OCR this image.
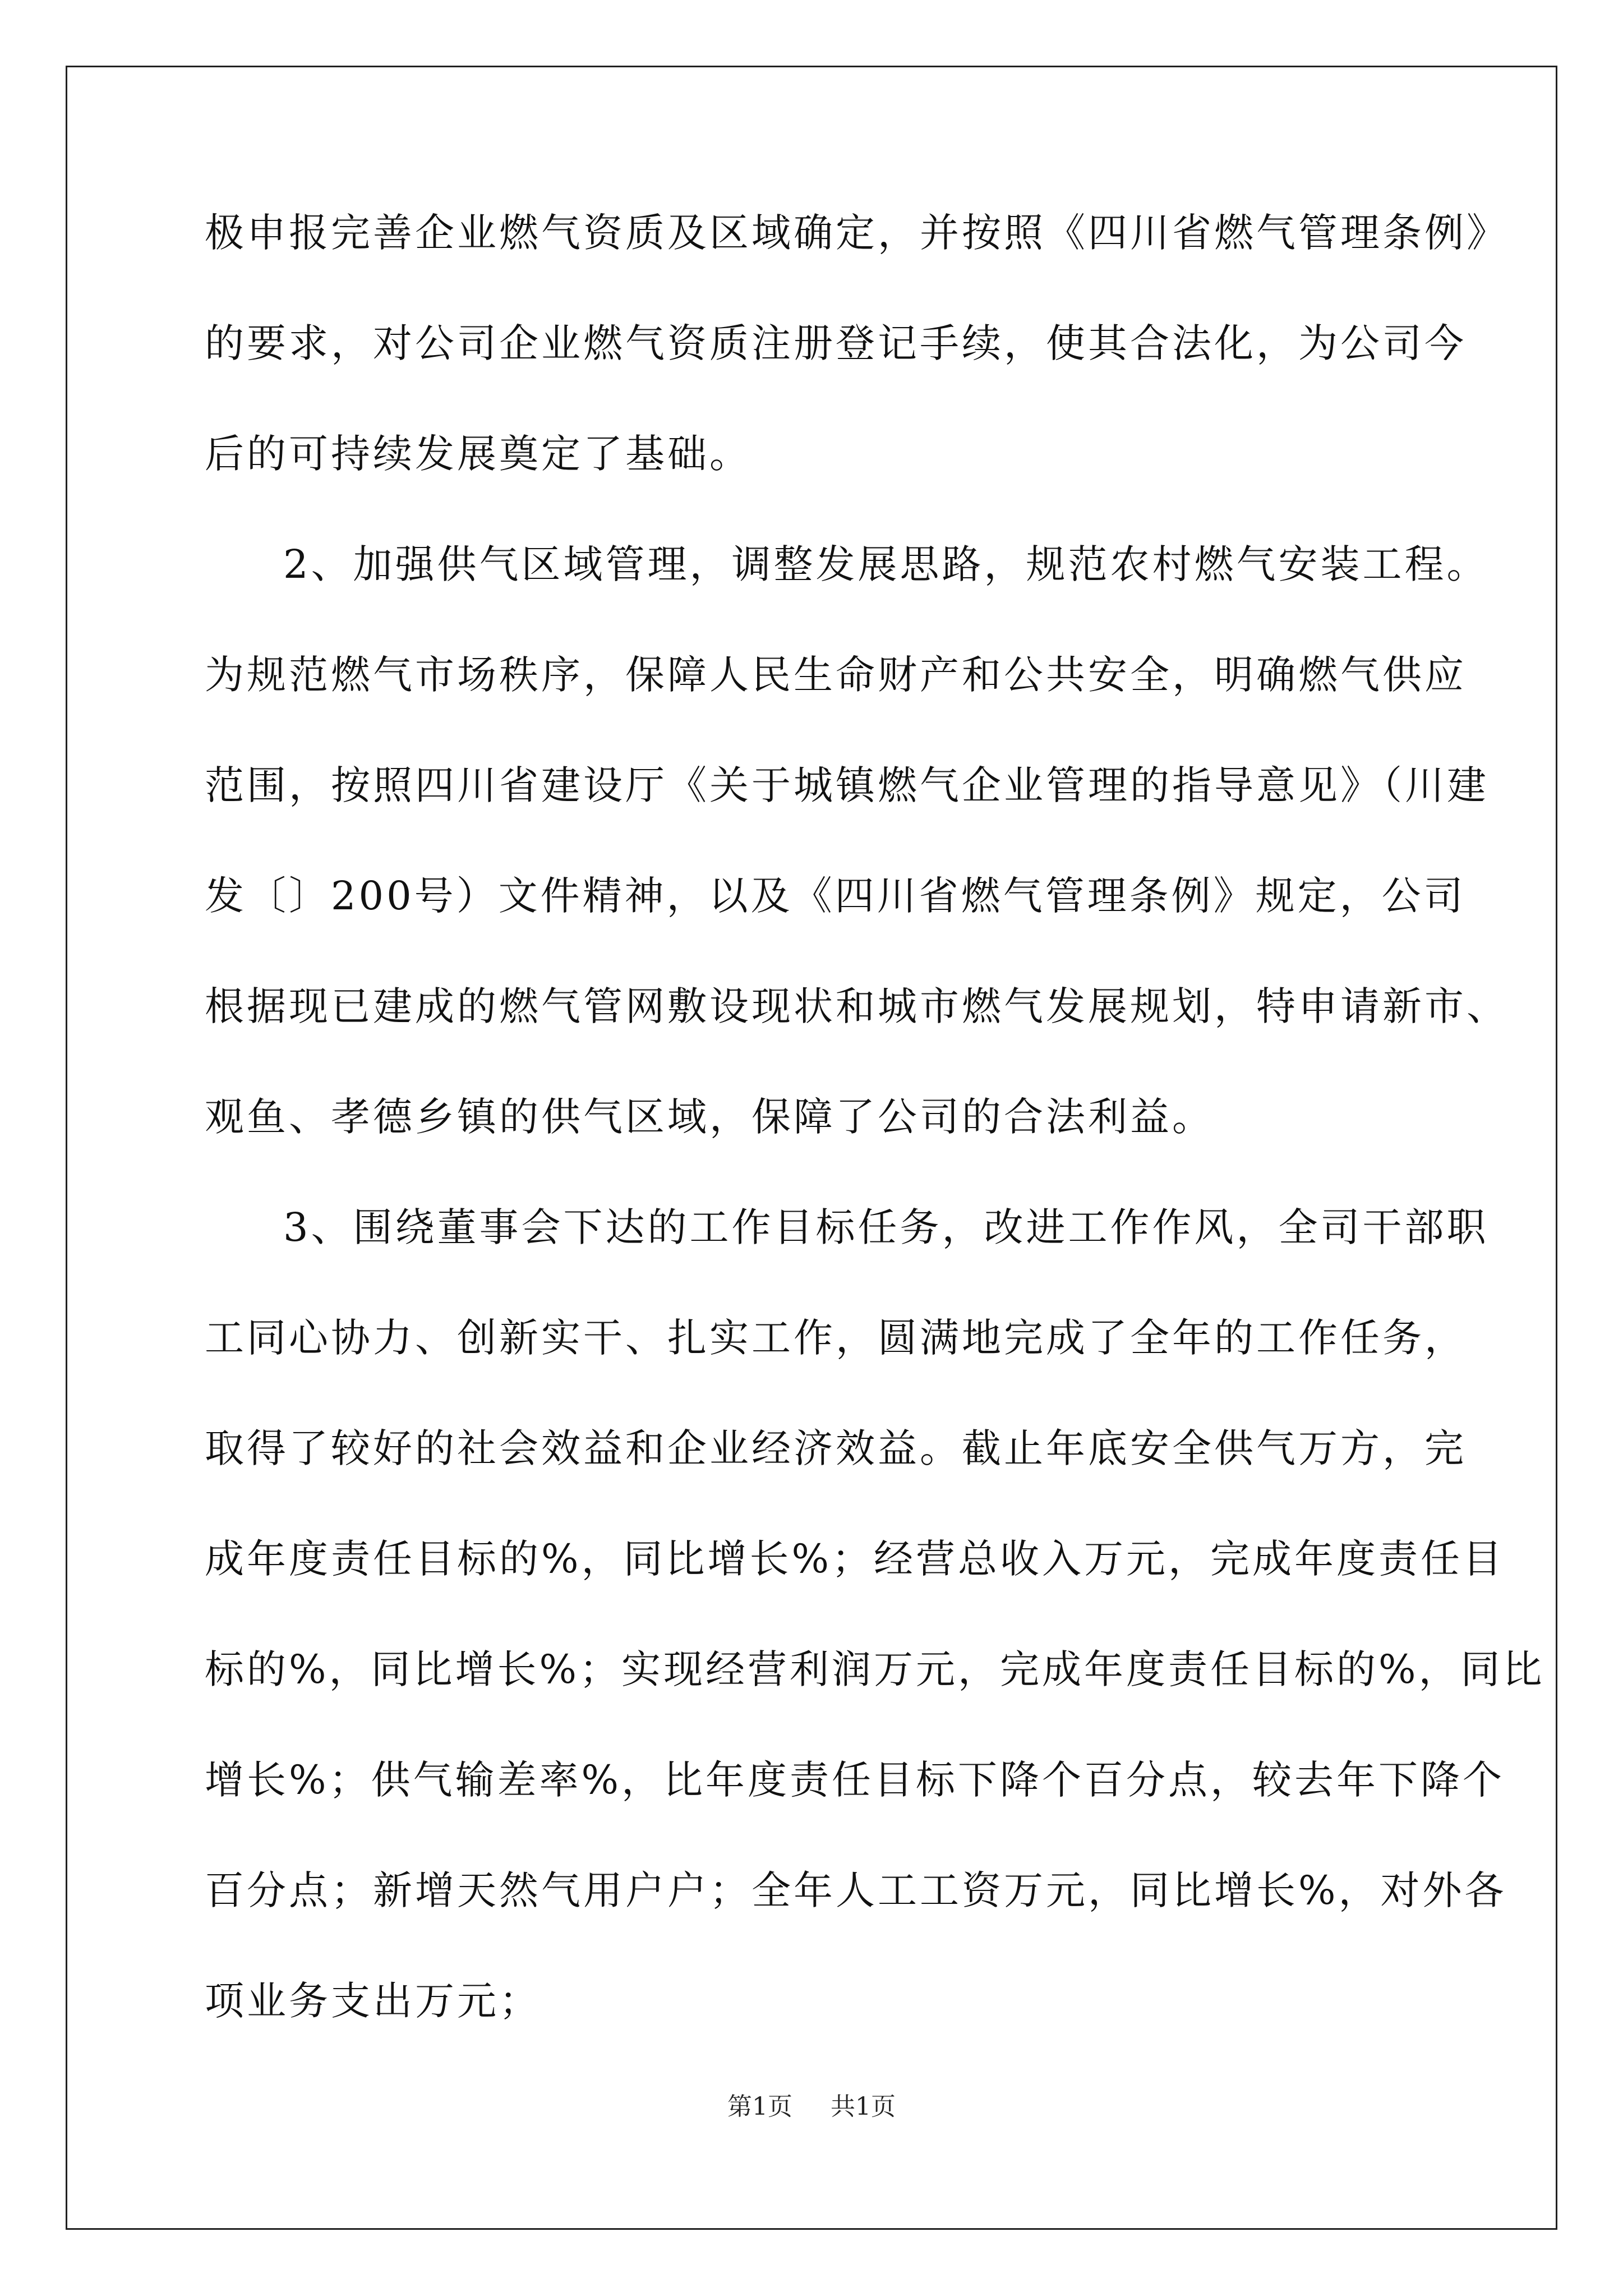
极申报完善企业燃气资质及区域确定，并按照《四川省燃气管理条例》
的要求，对公司企业燃气资质注册登记手续，使其合法化，为公司今
后的可持续发展奠定了基础。
2、加强供气区域管理，调整发展思路，规范农村燃气安装工程。
为规范燃气市场秩序，保障人民生命财产和公共安全，明确燃气供应
范围，按照四川省建设厅《关于城镇燃气企业管理的指导意见》（川建
发〔〕200号）文件精神，以及《四川省燃气管理条例》规定，公司
根据现已建成的燃气管网敷设现状和城市燃气发展规划，特申请新市、
观鱼、孝德乡镇的供气区域，保障了公司的合法利益。
3、围绕董事会下达的工作目标任务，改进工作作风，全司干部职
工同心协力、创新实干、扎实工作，圆满地完成了全年的工作任务，
取得了较好的社会效益和企业经济效益。截止年底安全供气万方，完
成年度责任目标的%，同比增长%；经营总收入万元，完成年度责任目
标的%，同比增长%；实现经营利润万元，完成年度责任目标的%，同比
增长%；供气输差率%，比年度责任目标下降个百分点，较去年下降个
百分点；新增天然气用户户；全年人工工资万元，同比增长%，对外各
项业务支出万元；
第1页 共1页
